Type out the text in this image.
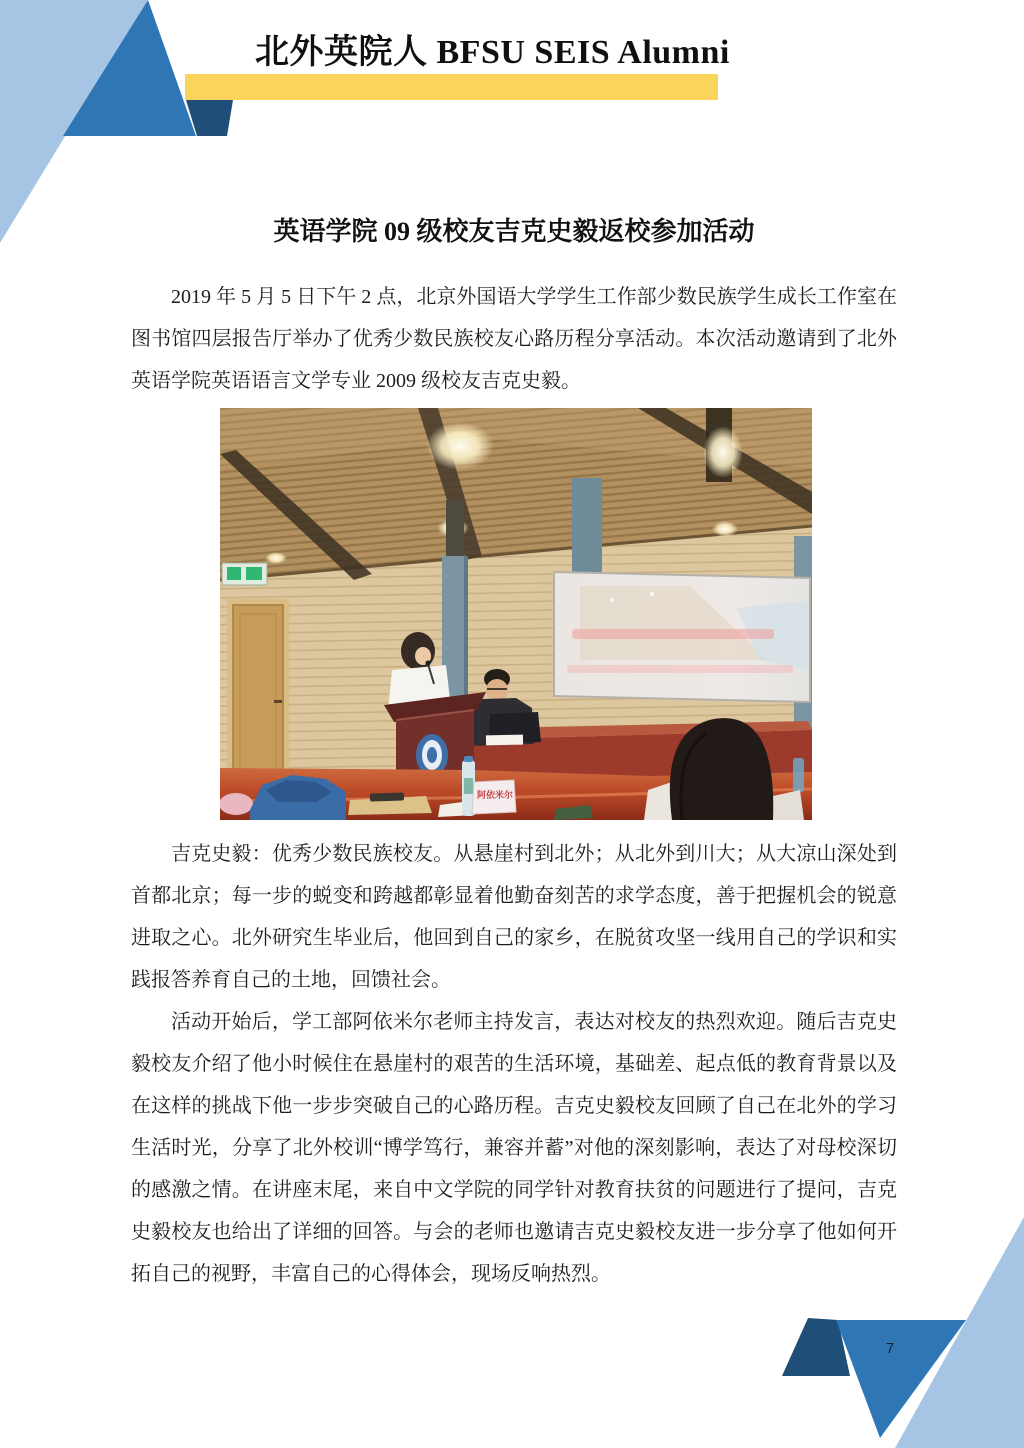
北外英院人 BFSU SEIS Alumni
英语学院 09 级校友吉克史毅返校参加活动

2019 年 5 月 5 日下午 2 点，北京外国语大学学生工作部少数民族学生成长工作室在图书馆四层报告厅举办了优秀少数民族校友心路历程分享活动。本次活动邀请到了北外英语学院英语语言文学专业 2009 级校友吉克史毅。

阿依米尔

吉克史毅：优秀少数民族校友。从悬崖村到北外；从北外到川大；从大凉山深处到首都北京；每一步的蜕变和跨越都彰显着他勤奋刻苦的求学态度，善于把握机会的锐意进取之心。北外研究生毕业后，他回到自己的家乡，在脱贫攻坚一线用自己的学识和实践报答养育自己的土地，回馈社会。

活动开始后，学工部阿依米尔老师主持发言，表达对校友的热烈欢迎。随后吉克史毅校友介绍了他小时候住在悬崖村的艰苦的生活环境，基础差、起点低的教育背景以及在这样的挑战下他一步步突破自己的心路历程。吉克史毅校友回顾了自己在北外的学习生活时光，分享了北外校训“博学笃行，兼容并蓄”对他的深刻影响，表达了对母校深切的感激之情。在讲座末尾，来自中文学院的同学针对教育扶贫的问题进行了提问，吉克史毅校友也给出了详细的回答。与会的老师也邀请吉克史毅校友进一步分享了他如何开拓自己的视野，丰富自己的心得体会，现场反响热烈。

7
